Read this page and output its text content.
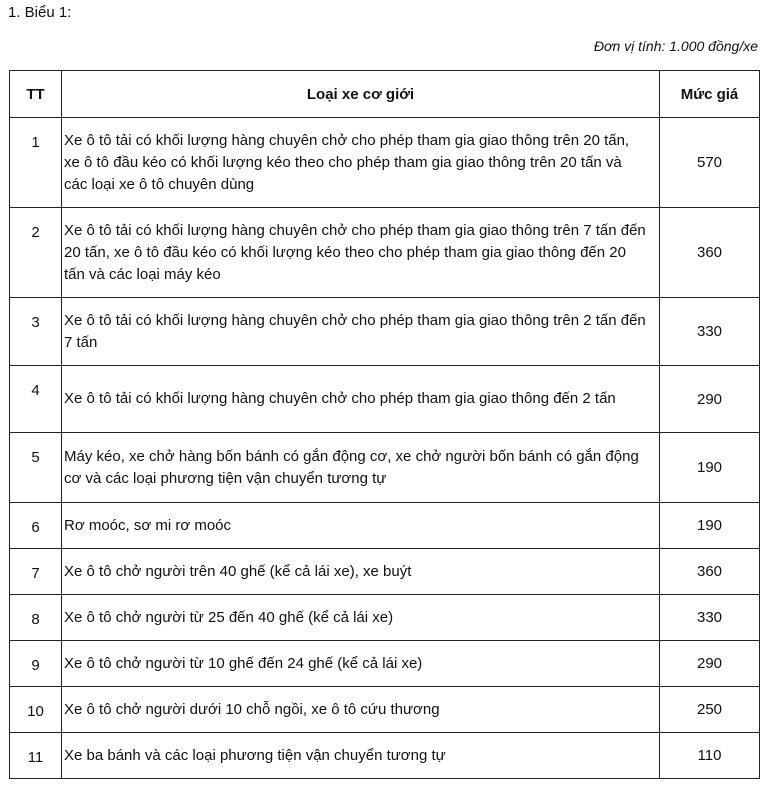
1. Biểu 1:
Đơn vị tính: 1.000 đồng/xe
TT	Loại xe cơ giới	Mức giá
1	Xe ô tô tải có khối lượng hàng chuyên chở cho phép tham gia giao thông trên 20 tấn, xe ô tô đầu kéo có khối lượng kéo theo cho phép tham gia giao thông trên 20 tấn và các loại xe ô tô chuyên dùng	570
2	Xe ô tô tải có khối lượng hàng chuyên chở cho phép tham gia giao thông trên 7 tấn đến 20 tấn, xe ô tô đầu kéo có khối lượng kéo theo cho phép tham gia giao thông đến 20 tấn và các loại máy kéo	360
3	Xe ô tô tải có khối lượng hàng chuyên chở cho phép tham gia giao thông trên 2 tấn đến 7 tấn	330
4	Xe ô tô tải có khối lượng hàng chuyên chở cho phép tham gia giao thông đến 2 tấn	290
5	Máy kéo, xe chở hàng bốn bánh có gắn động cơ, xe chở người bốn bánh có gắn động cơ và các loại phương tiện vận chuyển tương tự	190
6	Rơ moóc, sơ mi rơ moóc	190
7	Xe ô tô chở người trên 40 ghế (kể cả lái xe), xe buýt	360
8	Xe ô tô chở người từ 25 đến 40 ghế (kể cả lái xe)	330
9	Xe ô tô chở người từ 10 ghế đến 24 ghế (kể cả lái xe)	290
10	Xe ô tô chở người dưới 10 chỗ ngồi, xe ô tô cứu thương	250
11	Xe ba bánh và các loại phương tiện vận chuyển tương tự	110
